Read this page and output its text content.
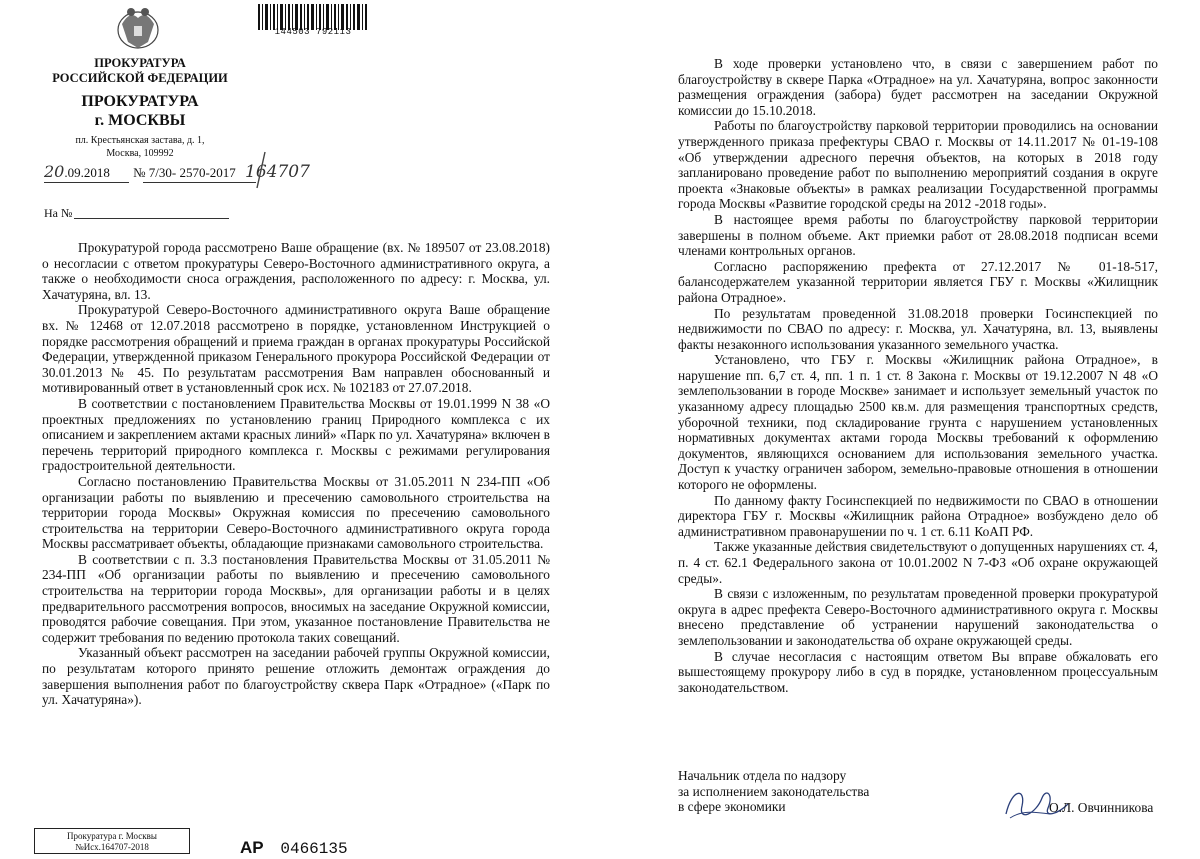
144503 792113
ПРОКУРАТУРА
РОССИЙСКОЙ ФЕДЕРАЦИИ
ПРОКУРАТУРА
г. МОСКВЫ
пл. Крестьянская застава, д. 1,
Москва, 109992
20.09.2018 № 7/30- 2570-2017 164707
На №

Прокуратурой города рассмотрено Ваше обращение (вх. № 189507 от 23.08.2018) о несогласии с ответом прокуратуры Северо-Восточного административного округа, а также о необходимости сноса ограждения, расположенного по адресу: г. Москва, ул. Хачатуряна, вл. 13.

Прокуратурой Северо-Восточного административного округа Ваше обращение вх. № 12468 от 12.07.2018 рассмотрено в порядке, установленном Инструкцией о порядке рассмотрения обращений и приема граждан в органах прокуратуры Российской Федерации, утвержденной приказом Генерального прокурора Российской Федерации от 30.01.2013 № 45. По результатам рассмотрения Вам направлен обоснованный и мотивированный ответ в установленный срок исх. № 102183 от 27.07.2018.

В соответствии с постановлением Правительства Москвы от 19.01.1999 N 38 «О проектных предложениях по установлению границ Природного комплекса с их описанием и закреплением актами красных линий» «Парк по ул. Хачатуряна» включен в перечень территорий природного комплекса г. Москвы с режимами регулирования градостроительной деятельности.

Согласно постановлению Правительства Москвы от 31.05.2011 N 234-ПП «Об организации работы по выявлению и пресечению самовольного строительства на территории города Москвы» Окружная комиссия по пресечению самовольного строительства на территории Северо-Восточного административного округа города Москвы рассматривает объекты, обладающие признаками самовольного строительства.

В соответствии с п. 3.3 постановления Правительства Москвы от 31.05.2011 № 234-ПП «Об организации работы по выявлению и пресечению самовольного строительства на территории города Москвы», для организации работы и в целях предварительного рассмотрения вопросов, вносимых на заседание Окружной комиссии, проводятся рабочие совещания. При этом, указанное постановление Правительства не содержит требования по ведению протокола таких совещаний.

Указанный объект рассмотрен на заседании рабочей группы Окружной комиссии, по результатам которого принято решение отложить демонтаж ограждения до завершения выполнения работ по благоустройству сквера Парк «Отрадное» («Парк по ул. Хачатуряна»).

Прокуратура г. Москвы
№Исх.164707-2018	АР 0466135

В ходе проверки установлено что, в связи с завершением работ по благоустройству в сквере Парка «Отрадное» на ул. Хачатуряна, вопрос законности размещения ограждения (забора) будет рассмотрен на заседании Окружной комиссии до 15.10.2018.

Работы по благоустройству парковой территории проводились на основании утвержденного приказа префектуры СВАО г. Москвы от 14.11.2017 № 01-19-108 «Об утверждении адресного перечня объектов, на которых в 2018 году запланировано проведение работ по выполнению мероприятий создания в округе проекта «Знаковые объекты» в рамках реализации Государственной программы города Москвы «Развитие городской среды на 2012 -2018 годы».

В настоящее время работы по благоустройству парковой территории завершены в полном объеме. Акт приемки работ от 28.08.2018 подписан всеми членами контрольных органов.

Согласно распоряжению префекта от 27.12.2017 № 01-18-517, балансодержателем указанной территории является ГБУ г. Москвы «Жилищник района Отрадное».

По результатам проведенной 31.08.2018 проверки Госинспекцией по недвижимости по СВАО по адресу: г. Москва, ул. Хачатуряна, вл. 13, выявлены факты незаконного использования указанного земельного участка.

Установлено, что ГБУ г. Москвы «Жилищник района Отрадное», в нарушение пп. 6,7 ст. 4, пп. 1 п. 1 ст. 8 Закона г. Москвы от 19.12.2007 N 48 «О землепользовании в городе Москве» занимает и использует земельный участок по указанному адресу площадью 2500 кв.м. для размещения транспортных средств, уборочной техники, под складирование грунта с нарушением установленных нормативных документах актами города Москвы требований к оформлению документов, являющихся основанием для использования земельного участка. Доступ к участку ограничен забором, земельно-правовые отношения в отношении которого не оформлены.

По данному факту Госинспекцией по недвижимости по СВАО в отношении директора ГБУ г. Москвы «Жилищник района Отрадное» возбуждено дело об административном правонарушении по ч. 1 ст. 6.11 КоАП РФ.

Также указанные действия свидетельствуют о допущенных нарушениях ст. 4, п. 4 ст. 62.1 Федерального закона от 10.01.2002 N 7-ФЗ «Об охране окружающей среды».

В связи с изложенным, по результатам проведенной проверки прокуратурой округа в адрес префекта Северо-Восточного административного округа г. Москвы внесено представление об устранении нарушений законодательства о землепользовании и законодательства об охране окружающей среды.

В случае несогласия с настоящим ответом Вы вправе обжаловать его вышестоящему прокурору либо в суд в порядке, установленном процессуальным законодательством.

Начальник отдела по надзору
за исполнением законодательства
в сфере экономики	О.Л. Овчинникова
